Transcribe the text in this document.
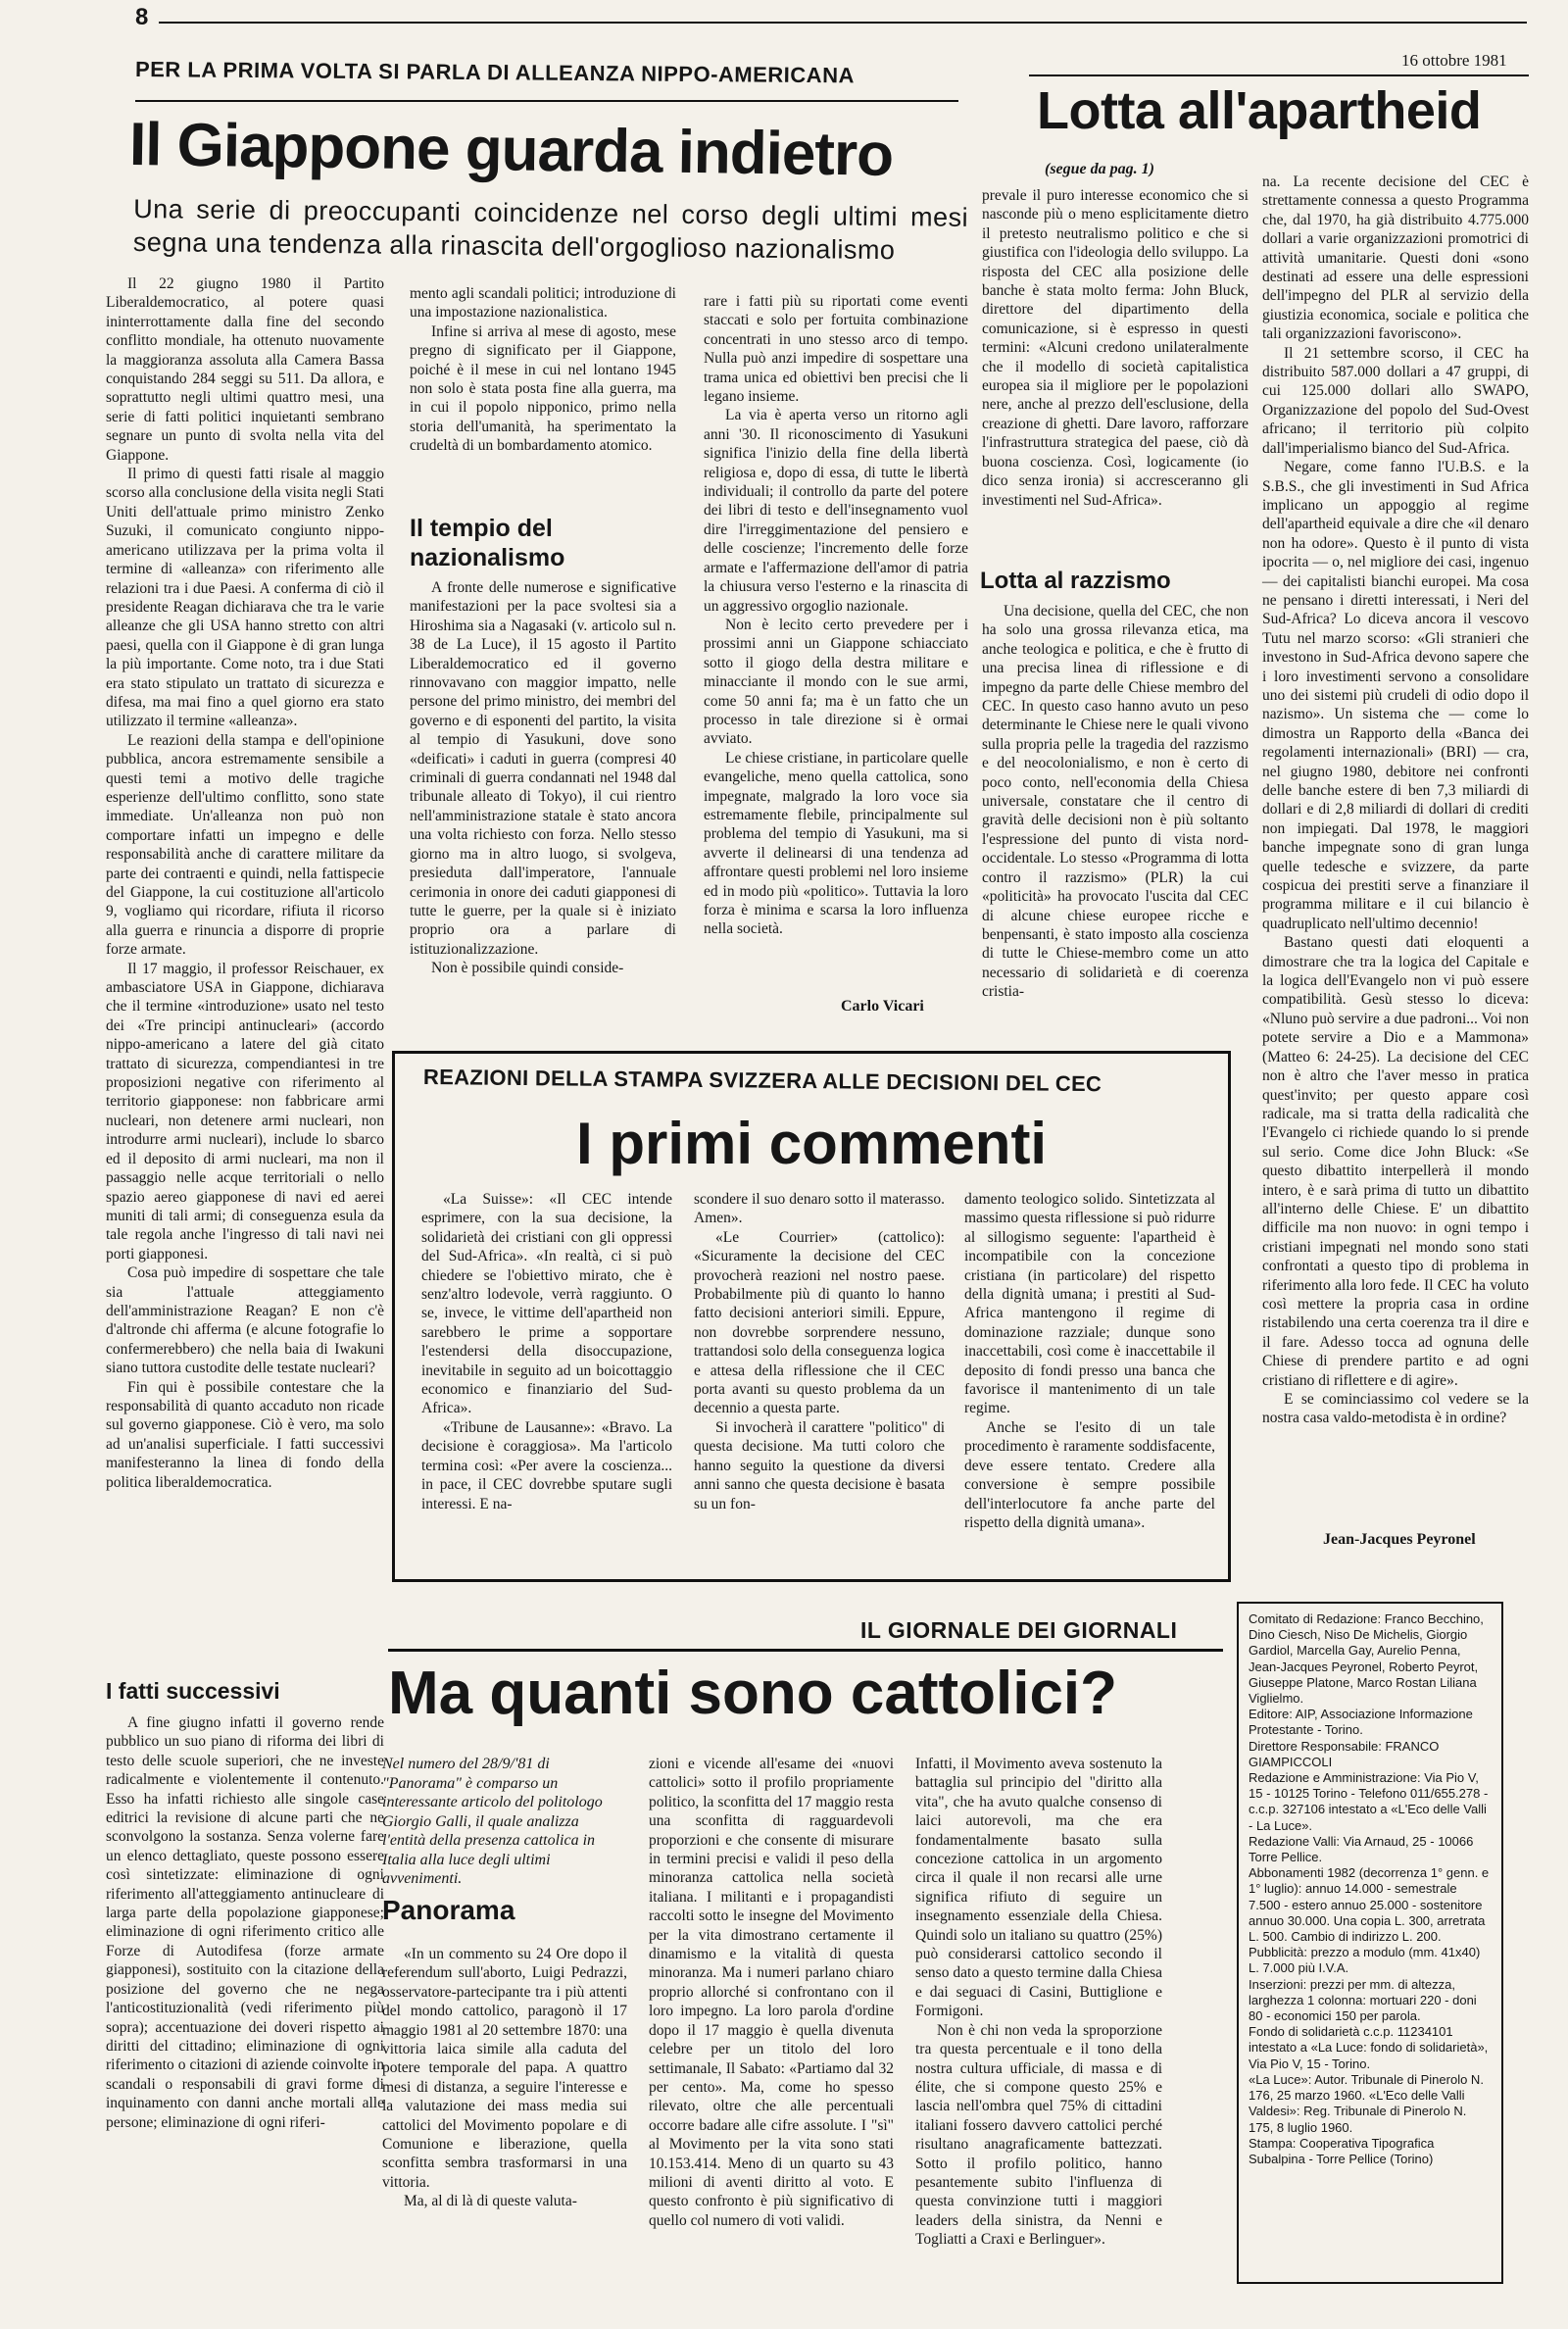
8
16 ottobre 1981
PER LA PRIMA VOLTA SI PARLA DI ALLEANZA NIPPO-AMERICANA
Il Giappone guarda indietro
Una serie di preoccupanti coincidenze nel corso degli ultimi mesi segna una tendenza alla rinascita dell'orgoglioso nazionalismo

Il 22 giugno 1980 il Partito Liberaldemocratico, al potere quasi ininterrottamente dalla fine del secondo conflitto mondiale, ha ottenuto nuovamente la maggioranza assoluta alla Camera Bassa conquistando 284 seggi su 511. Da allora, e soprattutto negli ultimi quattro mesi, una serie di fatti politici inquietanti sembrano segnare un punto di svolta nella vita del Giappone.

Il primo di questi fatti risale al maggio scorso alla conclusione della visita negli Stati Uniti dell'attuale primo ministro Zenko Suzuki, il comunicato congiunto nippo-americano utilizzava per la prima volta il termine di «alleanza» con riferimento alle relazioni tra i due Paesi. A conferma di ciò il presidente Reagan dichiarava che tra le varie alleanze che gli USA hanno stretto con altri paesi, quella con il Giappone è di gran lunga la più importante. Come noto, tra i due Stati era stato stipulato un trattato di sicurezza e difesa, ma mai fino a quel giorno era stato utilizzato il termine «alleanza».

Le reazioni della stampa e dell'opinione pubblica, ancora estremamente sensibile a questi temi a motivo delle tragiche esperienze dell'ultimo conflitto, sono state immediate. Un'alleanza non può non comportare infatti un impegno e delle responsabilità anche di carattere militare da parte dei contraenti e quindi, nella fattispecie del Giappone, la cui costituzione all'articolo 9, vogliamo qui ricordare, rifiuta il ricorso alla guerra e rinuncia a disporre di proprie forze armate.

Il 17 maggio, il professor Reischauer, ex ambasciatore USA in Giappone, dichiarava che il termine «introduzione» usato nel testo dei «Tre principi antinucleari» (accordo nippo-americano a latere del già citato trattato di sicurezza, compendiantesi in tre proposizioni negative con riferimento al territorio giapponese: non fabbricare armi nucleari, non detenere armi nucleari, non introdurre armi nucleari), include lo sbarco ed il deposito di armi nucleari, ma non il passaggio nelle acque territoriali o nello spazio aereo giapponese di navi ed aerei muniti di tali armi; di conseguenza esula da tale regola anche l'ingresso di tali navi nei porti giapponesi.

Cosa può impedire di sospettare che tale sia l'attuale atteggiamento dell'amministrazione Reagan? E non c'è d'altronde chi afferma (e alcune fotografie lo confermerebbero) che nella baia di Iwakuni siano tuttora custodite delle testate nucleari?

Fin qui è possibile contestare che la responsabilità di quanto accaduto non ricade sul governo giapponese. Ciò è vero, ma solo ad un'analisi superficiale. I fatti successivi manifesteranno la linea di fondo della politica liberaldemocratica.

I fatti successivi

A fine giugno infatti il governo rende pubblico un suo piano di riforma dei libri di testo delle scuole superiori, che ne investe radicalmente e violentemente il contenuto. Esso ha infatti richiesto alle singole case editrici la revisione di alcune parti che ne sconvolgono la sostanza. Senza volerne fare un elenco dettagliato, queste possono essere così sintetizzate: eliminazione di ogni riferimento all'atteggiamento antinucleare di larga parte della popolazione giapponese; eliminazione di ogni riferimento critico alle Forze di Autodifesa (forze armate giapponesi), sostituito con la citazione della posizione del governo che ne nega l'anticostituzionalità (vedi riferimento più sopra); accentuazione dei doveri rispetto ai diritti del cittadino; eliminazione di ogni riferimento o citazioni di aziende coinvolte in scandali o responsabili di gravi forme di inquinamento con danni anche mortali alle persone; eliminazione di ogni riferi-

mento agli scandali politici; introduzione di una impostazione nazionalistica.

Infine si arriva al mese di agosto, mese pregno di significato per il Giappone, poiché è il mese in cui nel lontano 1945 non solo è stata posta fine alla guerra, ma in cui il popolo nipponico, primo nella storia dell'umanità, ha sperimentato la crudeltà di un bombardamento atomico.

Il tempio del nazionalismo

A fronte delle numerose e significative manifestazioni per la pace svoltesi sia a Hiroshima sia a Nagasaki (v. articolo sul n. 38 de La Luce), il 15 agosto il Partito Liberaldemocratico ed il governo rinnovavano con maggior impatto, nelle persone del primo ministro, dei membri del governo e di esponenti del partito, la visita al tempio di Yasukuni, dove sono «deificati» i caduti in guerra (compresi 40 criminali di guerra condannati nel 1948 dal tribunale alleato di Tokyo), il cui rientro nell'amministrazione statale è stato ancora una volta richiesto con forza. Nello stesso giorno ma in altro luogo, si svolgeva, presieduta dall'imperatore, l'annuale cerimonia in onore dei caduti giapponesi di tutte le guerre, per la quale si è iniziato proprio ora a parlare di istituzionalizzazione.

Non è possibile quindi conside-

rare i fatti più su riportati come eventi staccati e solo per fortuita combinazione concentrati in uno stesso arco di tempo. Nulla può anzi impedire di sospettare una trama unica ed obiettivi ben precisi che li legano insieme.

La via è aperta verso un ritorno agli anni '30. Il riconoscimento di Yasukuni significa l'inizio della fine della libertà religiosa e, dopo di essa, di tutte le libertà individuali; il controllo da parte del potere dei libri di testo e dell'insegnamento vuol dire l'irreggimentazione del pensiero e delle coscienze; l'incremento delle forze armate e l'affermazione dell'amor di patria la chiusura verso l'esterno e la rinascita di un aggressivo orgoglio nazionale.

Non è lecito certo prevedere per i prossimi anni un Giappone schiacciato sotto il giogo della destra militare e minacciante il mondo con le sue armi, come 50 anni fa; ma è un fatto che un processo in tale direzione si è ormai avviato.

Le chiese cristiane, in particolare quelle evangeliche, meno quella cattolica, sono impegnate, malgrado la loro voce sia estremamente flebile, principalmente sul problema del tempio di Yasukuni, ma si avverte il delinearsi di una tendenza ad affrontare questi problemi nel loro insieme ed in modo più «politico». Tuttavia la loro forza è minima e scarsa la loro influenza nella società.

Carlo Vicari
Lotta all'apartheid
(segue da pag. 1)

prevale il puro interesse economico che si nasconde più o meno esplicitamente dietro il pretesto neutralismo politico e che si giustifica con l'ideologia dello sviluppo. La risposta del CEC alla posizione delle banche è stata molto ferma: John Bluck, direttore del dipartimento della comunicazione, si è espresso in questi termini: «Alcuni credono unilateralmente che il modello di società capitalistica europea sia il migliore per le popolazioni nere, anche al prezzo dell'esclusione, della creazione di ghetti. Dare lavoro, rafforzare l'infrastruttura strategica del paese, ciò dà buona coscienza. Così, logicamente (io dico senza ironia) si accresceranno gli investimenti nel Sud-Africa».

Lotta al razzismo

Una decisione, quella del CEC, che non ha solo una grossa rilevanza etica, ma anche teologica e politica, e che è frutto di una precisa linea di riflessione e di impegno da parte delle Chiese membro del CEC. In questo caso hanno avuto un peso determinante le Chiese nere le quali vivono sulla propria pelle la tragedia del razzismo e del neocolonialismo, e non è certo di poco conto, nell'economia della Chiesa universale, constatare che il centro di gravità delle decisioni non è più soltanto l'espressione del punto di vista nord-occidentale. Lo stesso «Programma di lotta contro il razzismo» (PLR) la cui «politicità» ha provocato l'uscita dal CEC di alcune chiese europee ricche e benpensanti, è stato imposto alla coscienza di tutte le Chiese-membro come un atto necessario di solidarietà e di coerenza cristia-

na. La recente decisione del CEC è strettamente connessa a questo Programma che, dal 1970, ha già distribuito 4.775.000 dollari a varie organizzazioni promotrici di attività umanitarie. Questi doni «sono destinati ad essere una delle espressioni dell'impegno del PLR al servizio della giustizia economica, sociale e politica che tali organizzazioni favoriscono».

Il 21 settembre scorso, il CEC ha distribuito 587.000 dollari a 47 gruppi, di cui 125.000 dollari allo SWAPO, Organizzazione del popolo del Sud-Ovest africano; il territorio più colpito dall'imperialismo bianco del Sud-Africa.

Negare, come fanno l'U.B.S. e la S.B.S., che gli investimenti in Sud Africa implicano un appoggio al regime dell'apartheid equivale a dire che «il denaro non ha odore». Questo è il punto di vista ipocrita — o, nel migliore dei casi, ingenuo — dei capitalisti bianchi europei. Ma cosa ne pensano i diretti interessati, i Neri del Sud-Africa? Lo diceva ancora il vescovo Tutu nel marzo scorso: «Gli stranieri che investono in Sud-Africa devono sapere che i loro investimenti servono a consolidare uno dei sistemi più crudeli di odio dopo il nazismo». Un sistema che — come lo dimostra un Rapporto della «Banca dei regolamenti internazionali» (BRI) — cra, nel giugno 1980, debitore nei confronti delle banche estere di ben 7,3 miliardi di dollari e di 2,8 miliardi di dollari di crediti non impiegati. Dal 1978, le maggiori banche impegnate sono di gran lunga quelle tedesche e svizzere, da parte cospicua dei prestiti serve a finanziare il programma militare e il cui bilancio è quadruplicato nell'ultimo decennio!

Bastano questi dati eloquenti a dimostrare che tra la logica del Capitale e la logica dell'Evangelo non vi può essere compatibilità. Gesù stesso lo diceva: «Nluno può servire a due padroni... Voi non potete servire a Dio e a Mammona» (Matteo 6: 24-25). La decisione del CEC non è altro che l'aver messo in pratica quest'invito; per questo appare così radicale, ma si tratta della radicalità che l'Evangelo ci richiede quando lo si prende sul serio. Come dice John Bluck: «Se questo dibattito interpellerà il mondo intero, è e sarà prima di tutto un dibattito all'interno delle Chiese. E' un dibattito difficile ma non nuovo: in ogni tempo i cristiani impegnati nel mondo sono stati confrontati a questo tipo di problema in riferimento alla loro fede. Il CEC ha voluto così mettere la propria casa in ordine ristabilendo una certa coerenza tra il dire e il fare. Adesso tocca ad ognuna delle Chiese di prendere partito e ad ogni cristiano di riflettere e di agire».

E se cominciassimo col vedere se la nostra casa valdo-metodista è in ordine?

Jean-Jacques Peyronel
REAZIONI DELLA STAMPA SVIZZERA ALLE DECISIONI DEL CEC
I primi commenti

«La Suisse»: «Il CEC intende esprimere, con la sua decisione, la solidarietà dei cristiani con gli oppressi del Sud-Africa». «In realtà, ci si può chiedere se l'obiettivo mirato, che è senz'altro lodevole, verrà raggiunto. O se, invece, le vittime dell'apartheid non sarebbero le prime a sopportare l'estendersi della disoccupazione, inevitabile in seguito ad un boicottaggio economico e finanziario del Sud-Africa».

«Tribune de Lausanne»: «Bravo. La decisione è coraggiosa». Ma l'articolo termina così: «Per avere la coscienza... in pace, il CEC dovrebbe sputare sugli interessi. E na-

scondere il suo denaro sotto il materasso. Amen».

«Le Courrier» (cattolico): «Sicuramente la decisione del CEC provocherà reazioni nel nostro paese. Probabilmente più di quanto lo hanno fatto decisioni anteriori simili. Eppure, non dovrebbe sorprendere nessuno, trattandosi solo della conseguenza logica e attesa della riflessione che il CEC porta avanti su questo problema da un decennio a questa parte.

Si invocherà il carattere "politico" di questa decisione. Ma tutti coloro che hanno seguito la questione da diversi anni sanno che questa decisione è basata su un fon-

damento teologico solido. Sintetizzata al massimo questa riflessione si può ridurre al sillogismo seguente: l'apartheid è incompatibile con la concezione cristiana (in particolare) del rispetto della dignità umana; i prestiti al Sud-Africa mantengono il regime di dominazione razziale; dunque sono inaccettabili, così come è inaccettabile il deposito di fondi presso una banca che favorisce il mantenimento di un tale regime.

Anche se l'esito di un tale procedimento è raramente soddisfacente, deve essere tentato. Credere alla conversione è sempre possibile dell'interlocutore fa anche parte del rispetto della dignità umana».

IL GIORNALE DEI GIORNALI
Ma quanti sono cattolici?
Nel numero del 28/9/'81 di "Panorama" è comparso un interessante articolo del politologo Giorgio Galli, il quale analizza l'entità della presenza cattolica in Italia alla luce degli ultimi avvenimenti.
Panorama

«In un commento su 24 Ore dopo il referendum sull'aborto, Luigi Pedrazzi, osservatore-partecipante tra i più attenti del mondo cattolico, paragonò il 17 maggio 1981 al 20 settembre 1870: una vittoria laica simile alla caduta del potere temporale del papa. A quattro mesi di distanza, a seguire l'interesse e la valutazione dei mass media sui cattolici del Movimento popolare e di Comunione e liberazione, quella sconfitta sembra trasformarsi in una vittoria.

Ma, al di là di queste valuta-

zioni e vicende all'esame dei «nuovi cattolici» sotto il profilo propriamente politico, la sconfitta del 17 maggio resta una sconfitta di ragguardevoli proporzioni e che consente di misurare in termini precisi e validi il peso della minoranza cattolica nella società italiana. I militanti e i propagandisti raccolti sotto le insegne del Movimento per la vita dimostrano certamente il dinamismo e la vitalità di questa minoranza. Ma i numeri parlano chiaro proprio allorché si confrontano con il loro impegno. La loro parola d'ordine dopo il 17 maggio è quella divenuta celebre per un titolo del loro settimanale, Il Sabato: «Partiamo dal 32 per cento». Ma, come ho spesso rilevato, oltre che alle percentuali occorre badare alle cifre assolute. I "sì" al Movimento per la vita sono stati 10.153.414. Meno di un quarto su 43 milioni di aventi diritto al voto. E questo confronto è più significativo di quello col numero di voti validi.

Infatti, il Movimento aveva sostenuto la battaglia sul principio del "diritto alla vita", che ha avuto qualche consenso di laici autorevoli, ma che era fondamentalmente basato sulla concezione cattolica in un argomento circa il quale il non recarsi alle urne significa rifiuto di seguire un insegnamento essenziale della Chiesa. Quindi solo un italiano su quattro (25%) può considerarsi cattolico secondo il senso dato a questo termine dalla Chiesa e dai seguaci di Casini, Buttiglione e Formigoni.

Non è chi non veda la sproporzione tra questa percentuale e il tono della nostra cultura ufficiale, di massa e di élite, che si compone questo 25% e lascia nell'ombra quel 75% di cittadini italiani fossero davvero cattolici perché risultano anagraficamente battezzati. Sotto il profilo politico, hanno pesantemente subito l'influenza di questa convinzione tutti i maggiori leaders della sinistra, da Nenni e Togliatti a Craxi e Berlinguer».

Comitato di Redazione: Franco Becchino, Dino Ciesch, Niso De Michelis, Giorgio Gardiol, Marcella Gay, Aurelio Penna, Jean-Jacques Peyronel, Roberto Peyrot, Giuseppe Platone, Marco Rostan Liliana Viglielmo.

Editore: AIP, Associazione Informazione Protestante - Torino.

Direttore Responsabile: FRANCO GIAMPICCOLI

Redazione e Amministrazione: Via Pio V, 15 - 10125 Torino - Telefono 011/655.278 - c.c.p. 327106 intestato a «L'Eco delle Valli - La Luce».

Redazione Valli: Via Arnaud, 25 - 10066 Torre Pellice.

Abbonamenti 1982 (decorrenza 1° genn. e 1° luglio): annuo 14.000 - semestrale 7.500 - estero annuo 25.000 - sostenitore annuo 30.000. Una copia L. 300, arretrata L. 500. Cambio di indirizzo L. 200.

Pubblicità: prezzo a modulo (mm. 41x40) L. 7.000 più I.V.A.

Inserzioni: prezzi per mm. di altezza, larghezza 1 colonna: mortuari 220 - doni 80 - economici 150 per parola.

Fondo di solidarietà c.c.p. 11234101 intestato a «La Luce: fondo di solidarietà», Via Pio V, 15 - Torino.

«La Luce»: Autor. Tribunale di Pinerolo N. 176, 25 marzo 1960. «L'Eco delle Valli Valdesi»: Reg. Tribunale di Pinerolo N. 175, 8 luglio 1960.

Stampa: Cooperativa Tipografica Subalpina - Torre Pellice (Torino)
